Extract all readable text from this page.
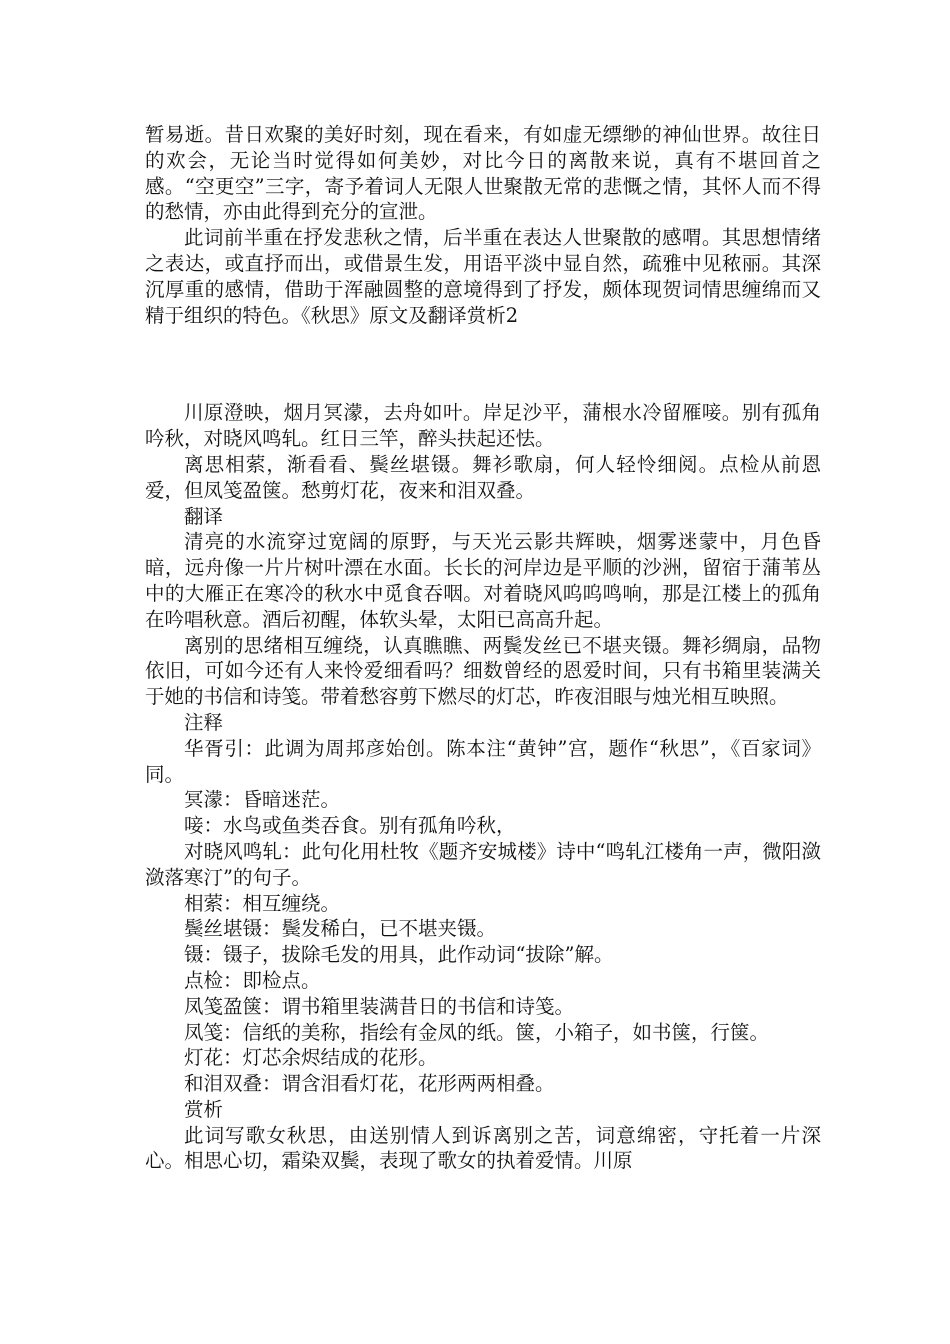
暂易逝。昔日欢聚的美好时刻，现在看来，有如虚无缥缈的神仙世界。故往日的欢会，无论当时觉得如何美妙，对比今日的离散来说，真有不堪回首之感。“空更空”三字，寄予着词人无限人世聚散无常的悲慨之情，其怀人而不得的愁情，亦由此得到充分的宣泄。

此词前半重在抒发悲秋之情，后半重在表达人世聚散的感喟。其思想情绪之表达，或直抒而出，或借景生发，用语平淡中显自然，疏雅中见秾丽。其深沉厚重的感情，借助于浑融圆整的意境得到了抒发，颇体现贺词情思缠绵而又精于组织的特色。《秋思》原文及翻译赏析2

川原澄映，烟月冥濛，去舟如叶。岸足沙平，蒲根水冷留雁唼。别有孤角吟秋，对晓风鸣轧。红日三竿，醉头扶起还怯。

离思相萦，渐看看、鬓丝堪镊。舞衫歌扇，何人轻怜细阅。点检从前恩爱，但凤笺盈箧。愁剪灯花，夜来和泪双叠。

翻译

清亮的水流穿过宽阔的原野，与天光云影共辉映，烟雾迷蒙中，月色昏暗，远舟像一片片树叶漂在水面。长长的河岸边是平顺的沙洲，留宿于蒲苇丛中的大雁正在寒冷的秋水中觅食吞咽。对着晓风呜呜鸣响，那是江楼上的孤角在吟唱秋意。酒后初醒，体软头晕，太阳已高高升起。

离别的思绪相互缠绕，认真瞧瞧、两鬓发丝已不堪夹镊。舞衫绸扇，品物依旧，可如今还有人来怜爱细看吗？细数曾经的恩爱时间，只有书箱里装满关于她的书信和诗笺。带着愁容剪下燃尽的灯芯，昨夜泪眼与烛光相互映照。

注释

华胥引：此调为周邦彦始创。陈本注“黄钟”宫，题作“秋思”，《百家词》同。

冥濛：昏暗迷茫。

唼：水鸟或鱼类吞食。别有孤角吟秋，

对晓风鸣轧：此句化用杜牧《题齐安城楼》诗中“鸣轧江楼角一声，微阳潋潋落寒汀”的句子。

相萦：相互缠绕。

鬓丝堪镊：鬓发稀白，已不堪夹镊。

镊：镊子，拔除毛发的用具，此作动词“拔除”解。

点检：即检点。

凤笺盈箧：谓书箱里装满昔日的书信和诗笺。

凤笺：信纸的美称，指绘有金凤的纸。箧，小箱子，如书箧，行箧。

灯花：灯芯余烬结成的花形。

和泪双叠：谓含泪看灯花，花形两两相叠。

赏析

此词写歌女秋思，由送别情人到诉离别之苦，词意绵密，守托着一片深心。相思心切，霜染双鬓，表现了歌女的执着爱情。川原
